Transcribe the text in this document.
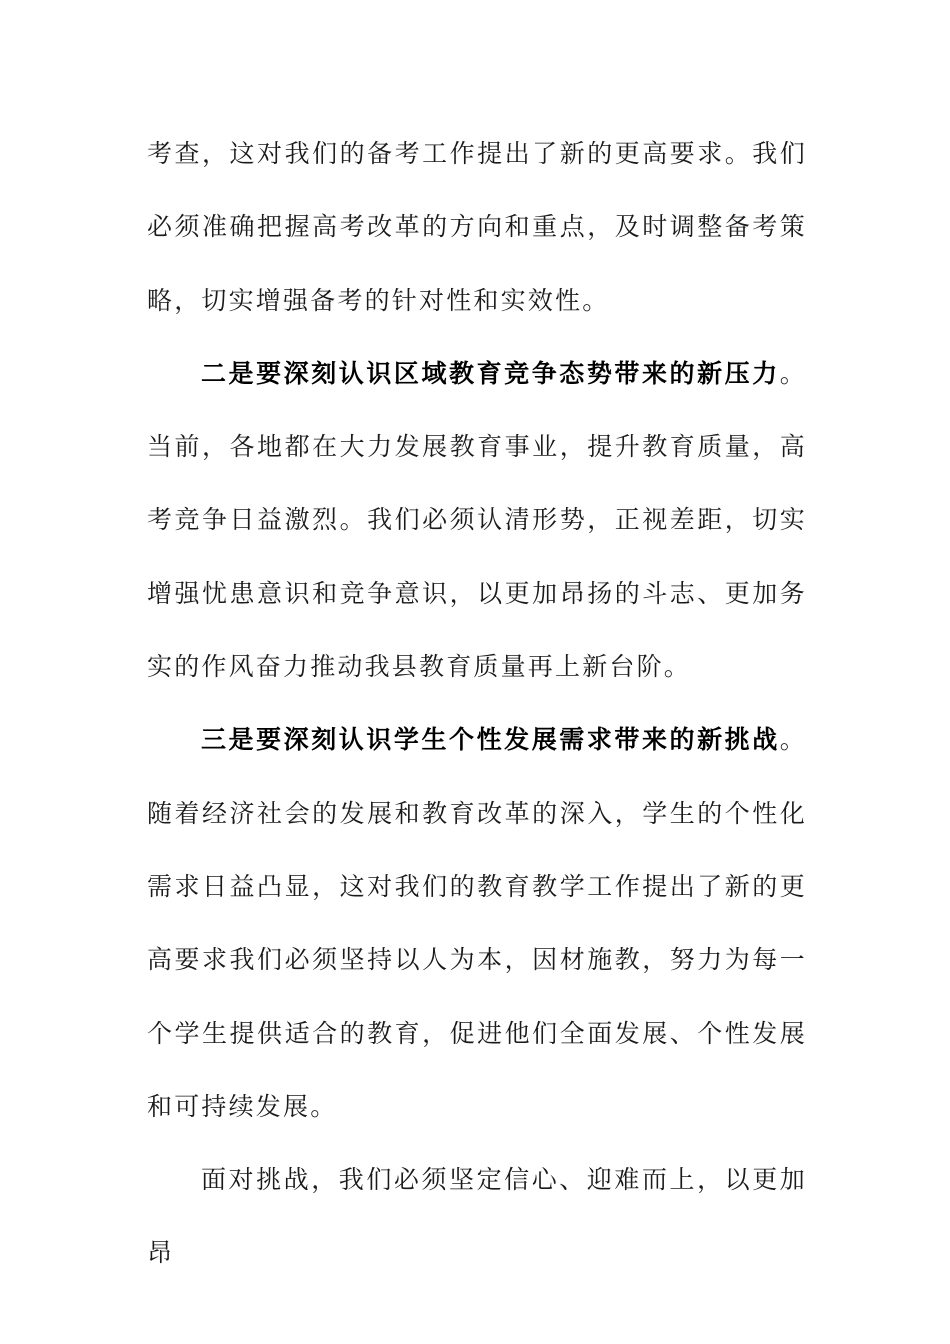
考查，这对我们的备考工作提出了新的更高要求。我们必须准确把握高考改革的方向和重点，及时调整备考策略，切实增强备考的针对性和实效性。

二是要深刻认识区域教育竞争态势带来的新压力。当前，各地都在大力发展教育事业，提升教育质量，高考竞争日益激烈。我们必须认清形势，正视差距，切实增强忧患意识和竞争意识，以更加昂扬的斗志、更加务实的作风奋力推动我县教育质量再上新台阶。

三是要深刻认识学生个性发展需求带来的新挑战。随着经济社会的发展和教育改革的深入，学生的个性化需求日益凸显，这对我们的教育教学工作提出了新的更高要求我们必须坚持以人为本，因材施教，努力为每一个学生提供适合的教育，促进他们全面发展、个性发展和可持续发展。

面对挑战，我们必须坚定信心、迎难而上，以更加昂
